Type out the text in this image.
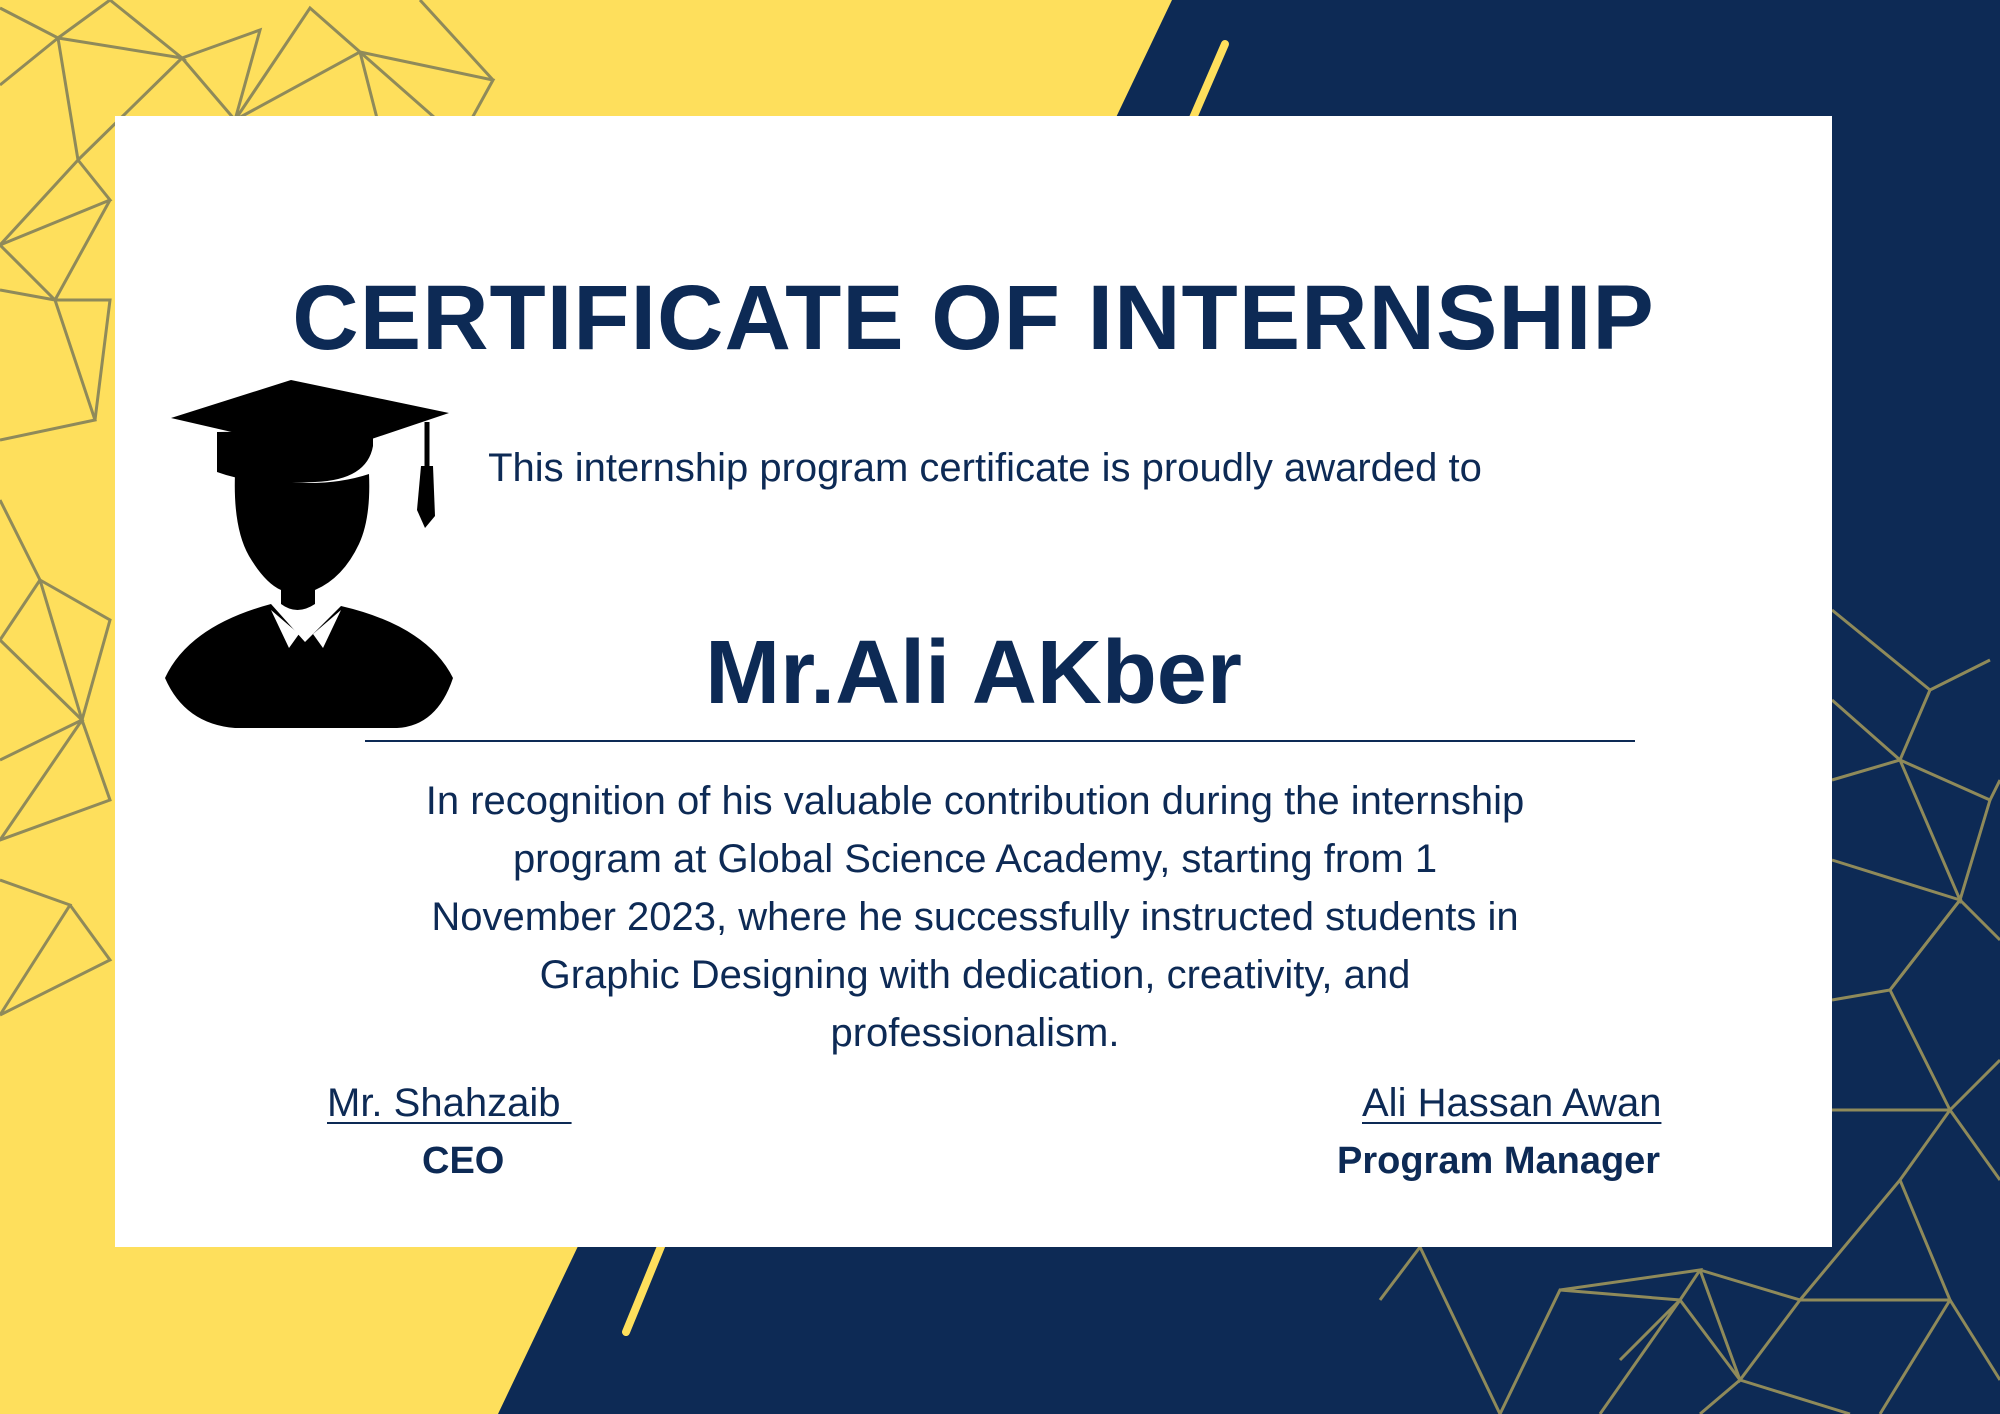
CERTIFICATE OF INTERNSHIP

This internship program certificate is proudly awarded to

Mr.Ali AKber

In recognition of his valuable contribution during the internship program at Global Science Academy, starting from 1 November 2023, where he successfully instructed students in Graphic Designing with dedication, creativity, and professionalism.

Mr. Shahzaib
CEO
Ali Hassan Awan
Program Manager
